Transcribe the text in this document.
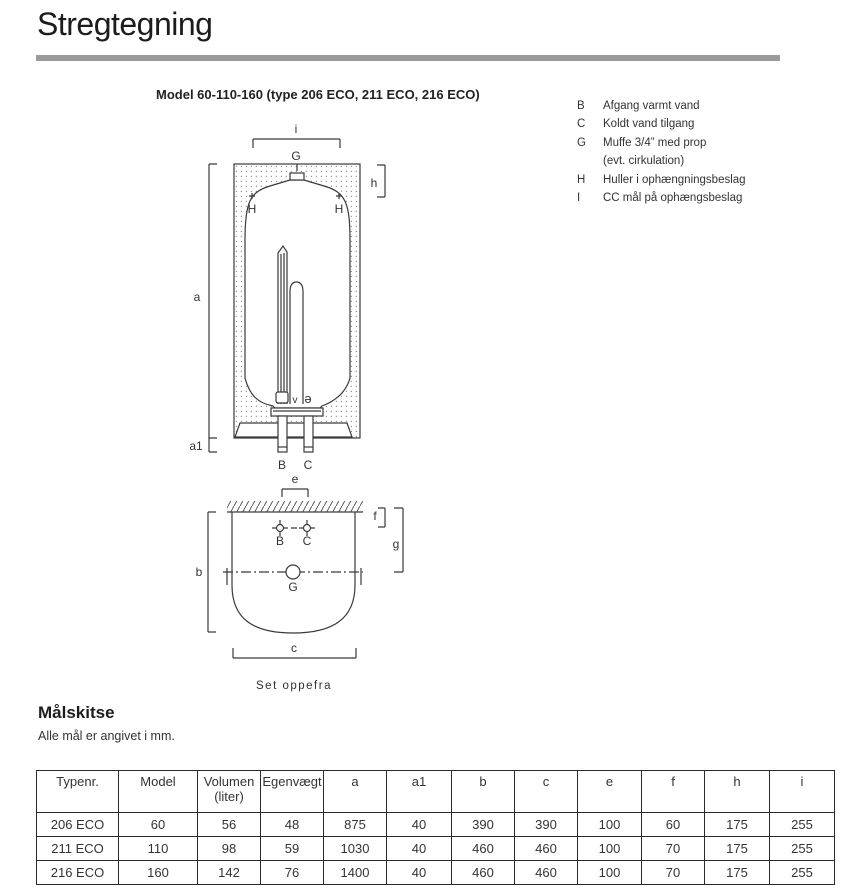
Stregtegning
Model 60-110-160 (type 206 ECO, 211 ECO, 216 ECO)
B	Afgang varmt vand
C	Koldt vand tilgang
G	Muffe 3/4” med prop
(evt. cirkulation)
H	Huller i ophængningsbeslag
I	CC mål på ophængsbeslag
i
G
H	H
a
a1
h
v ə
B C
e
b
B C
f
g
G
c
Set oppefra
Målskitse
Alle mål er angivet i mm.
Typenr.	Model	Volumen
(liter)	Egenvægt	a	a1	b	c	e	f	h	i

206 ECO	60	56	48	875	40	390	390	100	60	175	255
211 ECO	110	98	59	1030	40	460	460	100	70	175	255
216 ECO	160	142	76	1400	40	460	460	100	70	175	255
